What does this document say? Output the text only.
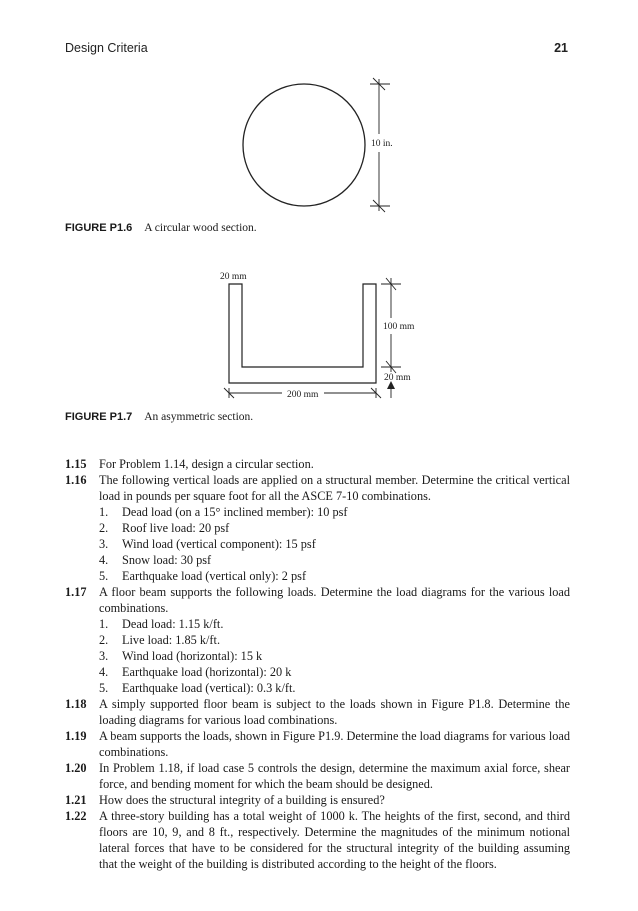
Design Criteria	21
10 in.
FIGURE P1.6 A circular wood section.
20 mm
100 mm
20 mm
200 mm
FIGURE P1.7 An asymmetric section.
1.15	For Problem 1.14, design a circular section.
1.16	The following vertical loads are applied on a structural member. Determine the critical vertical load in pounds per square foot for all the ASCE 7-10 combinations.
1.	Dead load (on a 15° inclined member): 10 psf
2.	Roof live load: 20 psf
3.	Wind load (vertical component): 15 psf
4.	Snow load: 30 psf
5.	Earthquake load (vertical only): 2 psf
1.17	A floor beam supports the following loads. Determine the load diagrams for the various load combinations.
1.	Dead load: 1.15 k/ft.
2.	Live load: 1.85 k/ft.
3.	Wind load (horizontal): 15 k
4.	Earthquake load (horizontal): 20 k
5.	Earthquake load (vertical): 0.3 k/ft.
1.18	A simply supported floor beam is subject to the loads shown in Figure P1.8. Determine the loading diagrams for various load combinations.
1.19	A beam supports the loads, shown in Figure P1.9. Determine the load diagrams for various load combinations.
1.20	In Problem 1.18, if load case 5 controls the design, determine the maximum axial force, shear force, and bending moment for which the beam should be designed.
1.21	How does the structural integrity of a building is ensured?
1.22	A three-story building has a total weight of 1000 k. The heights of the first, second, and third floors are 10, 9, and 8 ft., respectively. Determine the magnitudes of the minimum notional lateral forces that have to be considered for the structural integrity of the building assuming that the weight of the building is distributed according to the height of the floors.
